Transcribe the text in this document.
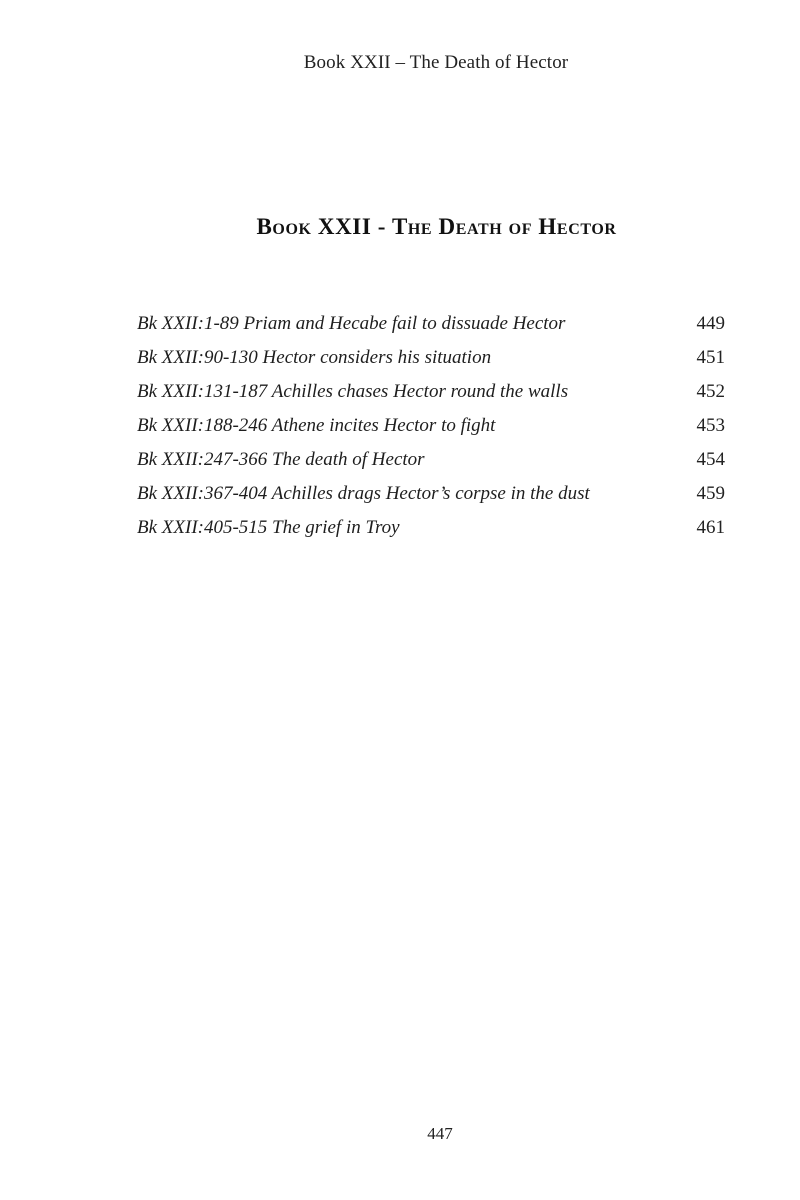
Book XXII – The Death of Hector
Book XXII - The Death of Hector
Bk XXII:1-89 Priam and Hecabe fail to dissuade Hector	449
Bk XXII:90-130 Hector considers his situation	451
Bk XXII:131-187 Achilles chases Hector round the walls	452
Bk XXII:188-246 Athene incites Hector to fight	453
Bk XXII:247-366 The death of Hector	454
Bk XXII:367-404 Achilles drags Hector’s corpse in the dust	459
Bk XXII:405-515 The grief in Troy	461
447
